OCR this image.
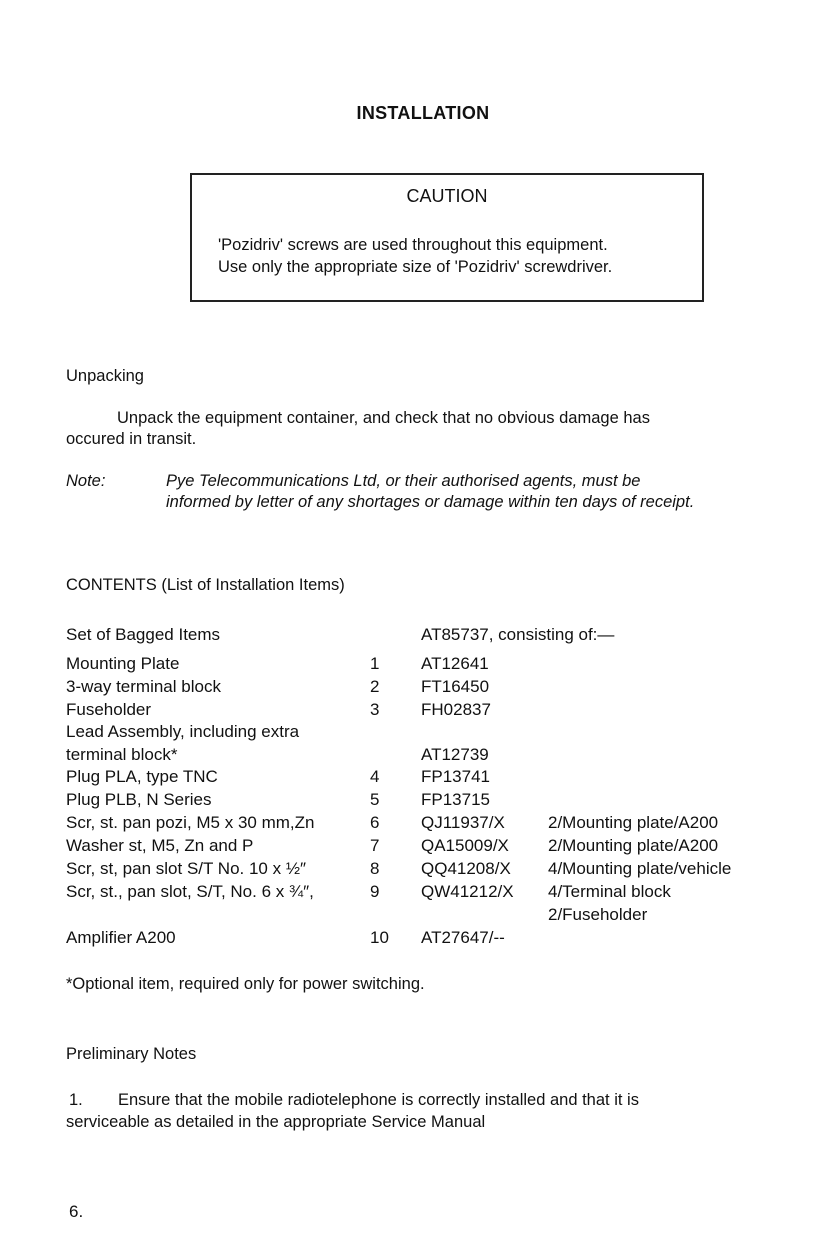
INSTALLATION
CAUTION
'Pozidriv' screws are used throughout this equipment.
Use only the appropriate size of 'Pozidriv' screwdriver.
Unpacking
Unpack the equipment container, and check that no obvious damage has
occured in transit.
Note:	Pye Telecommunications Ltd, or their authorised agents, must be
informed by letter of any shortages or damage within ten days of receipt.
CONTENTS (List of Installation Items)
Set of Bagged Items	AT85737, consisting of:—
Mounting Plate	1 AT12641
3-way terminal block	2 FT16450
Fuseholder	3 FH02837
Lead Assembly, including extra
terminal block*	AT12739
Plug PLA, type TNC	4 FP13741
Plug PLB, N Series	5 FP13715
Scr, st. pan pozi, M5 x 30 mm,Zn	6 QJ11937/X	2/Mounting plate/A200
Washer st, M5, Zn and P	7 QA15009/X 2/Mounting plate/A200
Scr, st, pan slot S/T No. 10 x ½″	8 QQ41208/X 4/Mounting plate/vehicle
Scr, st., pan slot, S/T, No. 6 x ¾″,	9 QW41212/X 4/Terminal block
2/Fuseholder
Amplifier A200	10 AT27647/--
*Optional item, required only for power switching.
Preliminary Notes
1. Ensure that the mobile radiotelephone is correctly installed and that it is
serviceable as detailed in the appropriate Service Manual
6.
